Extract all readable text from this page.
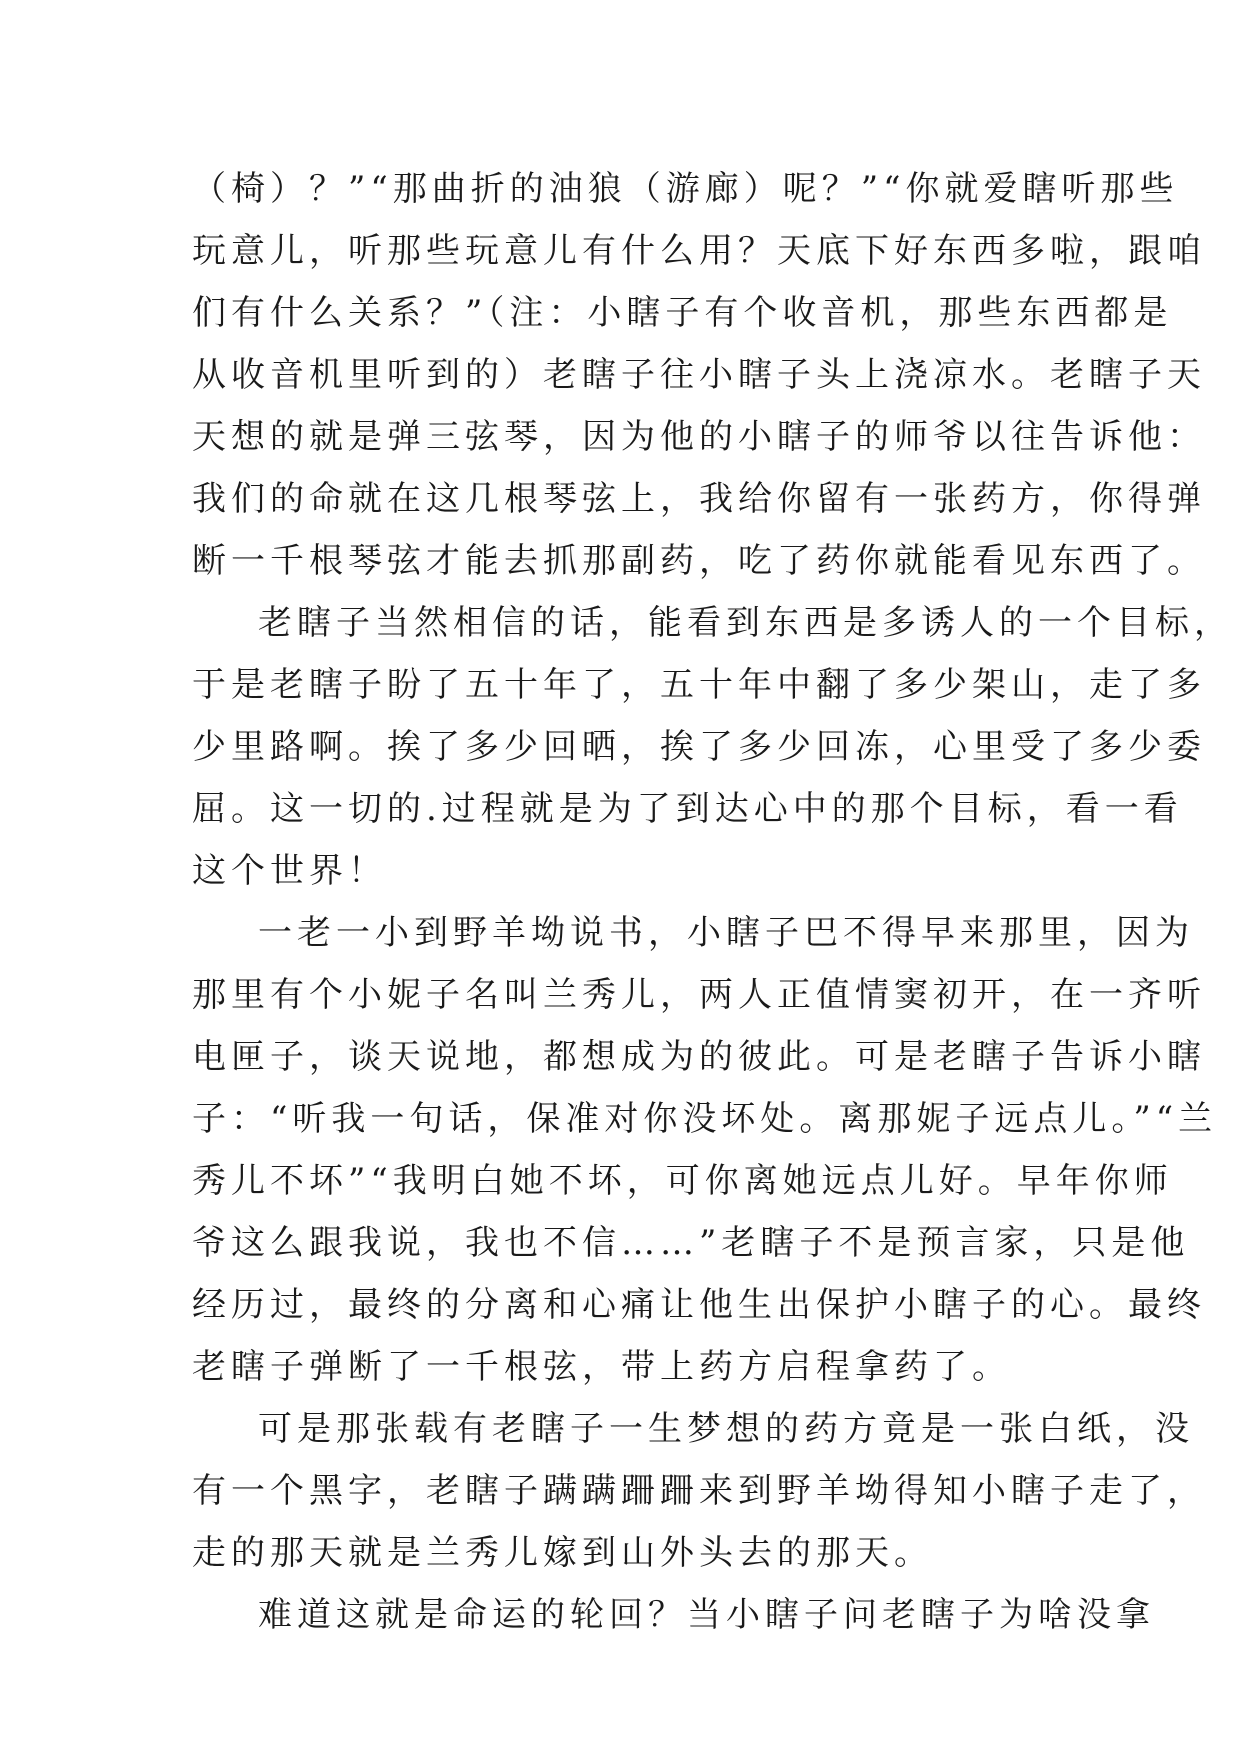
（椅）？”“那曲折的油狼（游廊）呢？”“你就爱瞎听那些
玩意儿，听那些玩意儿有什么用？天底下好东西多啦，跟咱
们有什么关系？”（注：小瞎子有个收音机，那些东西都是
从收音机里听到的）老瞎子往小瞎子头上浇凉水。老瞎子天
天想的就是弹三弦琴，因为他的小瞎子的师爷以往告诉他：
我们的命就在这几根琴弦上，我给你留有一张药方，你得弹
断一千根琴弦才能去抓那副药，吃了药你就能看见东西了。
老瞎子当然相信的话，能看到东西是多诱人的一个目标，
于是老瞎子盼了五十年了，五十年中翻了多少架山，走了多
少里路啊。挨了多少回晒，挨了多少回冻，心里受了多少委
屈。这一切的.过程就是为了到达心中的那个目标，看一看
这个世界！
一老一小到野羊坳说书，小瞎子巴不得早来那里，因为
那里有个小妮子名叫兰秀儿，两人正值情窦初开，在一齐听
电匣子，谈天说地，都想成为的彼此。可是老瞎子告诉小瞎
子：“听我一句话，保准对你没坏处。离那妮子远点儿。”“兰
秀儿不坏”“我明白她不坏，可你离她远点儿好。早年你师
爷这么跟我说，我也不信……”老瞎子不是预言家，只是他
经历过，最终的分离和心痛让他生出保护小瞎子的心。最终
老瞎子弹断了一千根弦，带上药方启程拿药了。
可是那张载有老瞎子一生梦想的药方竟是一张白纸，没
有一个黑字，老瞎子蹒蹒跚跚来到野羊坳得知小瞎子走了，
走的那天就是兰秀儿嫁到山外头去的那天。
难道这就是命运的轮回？当小瞎子问老瞎子为啥没拿
